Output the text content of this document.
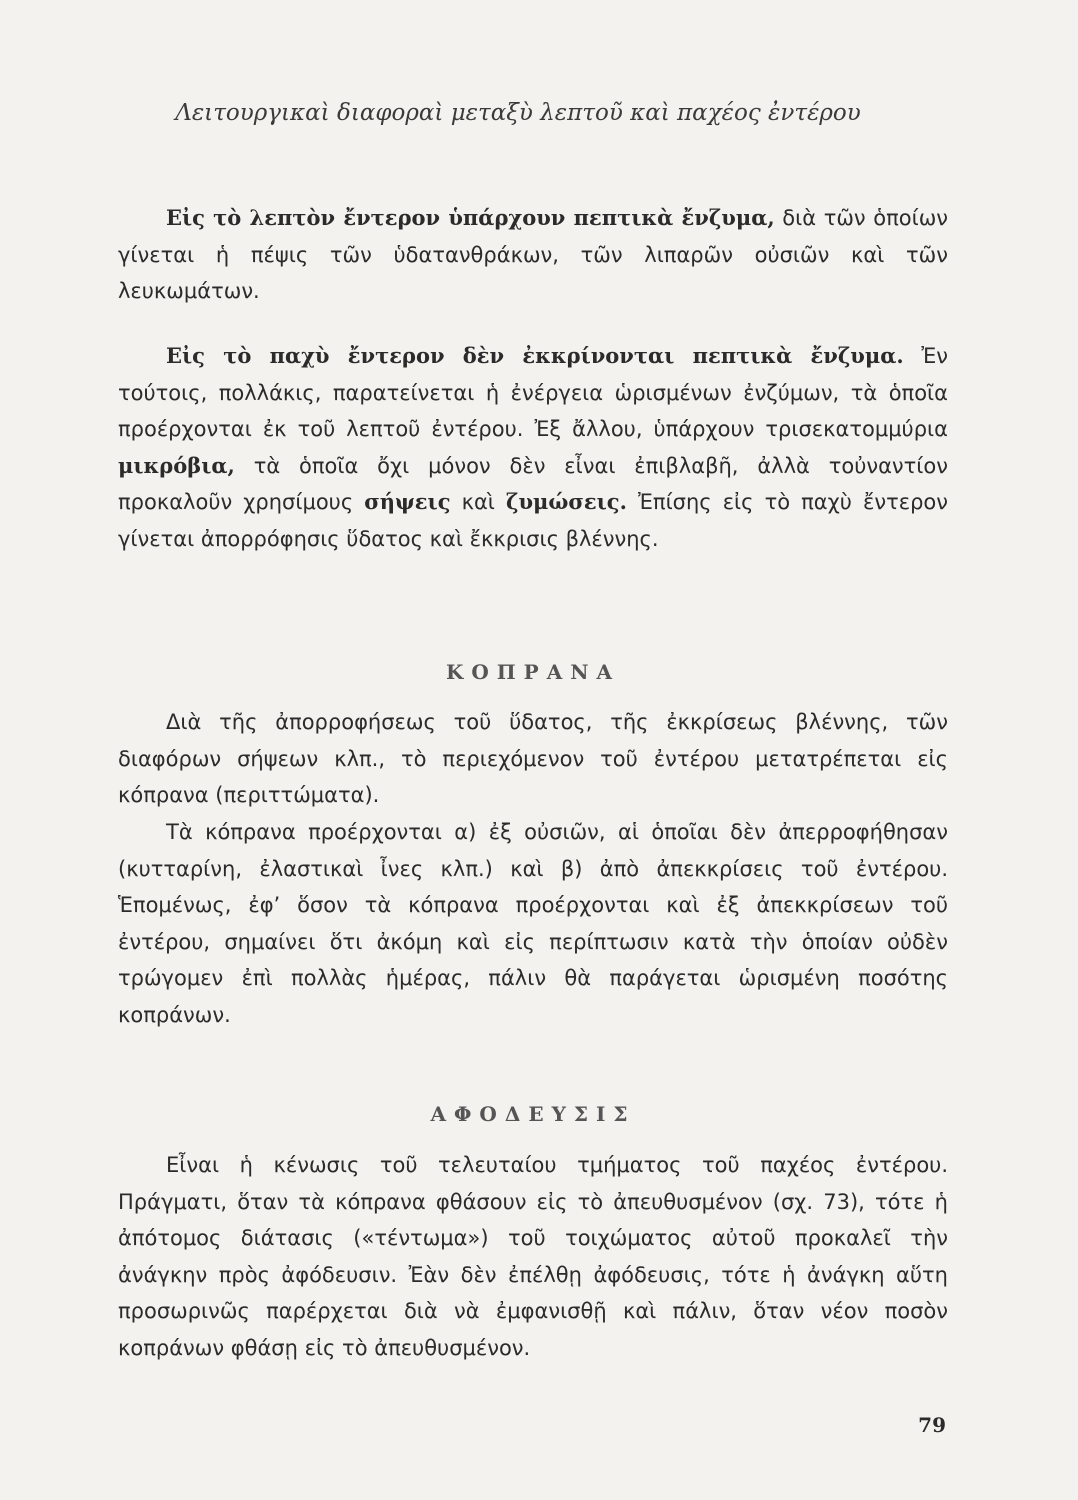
Λειτουργικαὶ διαφοραὶ μεταξὺ λεπτοῦ καὶ παχέος ἐντέρου

Εἰς τὸ λεπτὸν ἔντερον ὑπάρχουν πεπτικὰ ἔνζυμα, διὰ τῶν ὁποίων γίνεται ἡ πέψις τῶν ὑδατανθράκων, τῶν λιπαρῶν οὐσιῶν καὶ τῶν λευκωμάτων.

Εἰς τὸ παχὺ ἔντερον δὲν ἐκκρίνονται πεπτικὰ ἔνζυμα. Ἐν τούτοις, πολλάκις, παρατείνεται ἡ ἐνέργεια ὡρισμένων ἐνζύμων, τὰ ὁποῖα προέρχονται ἐκ τοῦ λεπτοῦ ἐντέρου. Ἐξ ἄλλου, ὑπάρχουν τρισεκατομμύρια μικρόβια, τὰ ὁποῖα ὄχι μόνον δὲν εἶναι ἐπιβλαβῆ, ἀλλὰ τοὐναντίον προκαλοῦν χρησίμους σήψεις καὶ ζυμώσεις. Ἐπίσης εἰς τὸ παχὺ ἔντερον γίνεται ἀπορρόφησις ὕδατος καὶ ἔκκρισις βλέννης.

ΚΟΠΡΑΝΑ

Διὰ τῆς ἀπορροφήσεως τοῦ ὕδατος, τῆς ἐκκρίσεως βλέννης, τῶν διαφόρων σήψεων κλπ., τὸ περιεχόμενον τοῦ ἐντέρου μετατρέπεται εἰς κόπρανα (περιττώματα).

Τὰ κόπρανα προέρχονται α) ἐξ οὐσιῶν, αἱ ὁποῖαι δὲν ἀπερροφήθησαν (κυτταρίνη, ἐλαστικαὶ ἶνες κλπ.) καὶ β) ἀπὸ ἀπεκκρίσεις τοῦ ἐντέρου. Ἑπομένως, ἐφ’ ὅσον τὰ κόπρανα προέρχονται καὶ ἐξ ἀπεκκρίσεων τοῦ ἐντέρου, σημαίνει ὅτι ἀκόμη καὶ εἰς περίπτωσιν κατὰ τὴν ὁποίαν οὐδὲν τρώγομεν ἐπὶ πολλὰς ἡμέρας, πάλιν θὰ παράγεται ὡρισμένη ποσότης κοπράνων.

ΑΦΟΔΕΥΣΙΣ

Εἶναι ἡ κένωσις τοῦ τελευταίου τμήματος τοῦ παχέος ἐντέρου. Πράγματι, ὅταν τὰ κόπρανα φθάσουν εἰς τὸ ἀπευθυσμένον (σχ. 73), τότε ἡ ἀπότομος διάτασις («τέντωμα») τοῦ τοιχώματος αὐτοῦ προκαλεῖ τὴν ἀνάγκην πρὸς ἀφόδευσιν. Ἐὰν δὲν ἐπέλθῃ ἀφόδευσις, τότε ἡ ἀνάγκη αὕτη προσωρινῶς παρέρχεται διὰ νὰ ἐμφανισθῇ καὶ πάλιν, ὅταν νέον ποσὸν κοπράνων φθάσῃ εἰς τὸ ἀπευθυσμένον.

79
